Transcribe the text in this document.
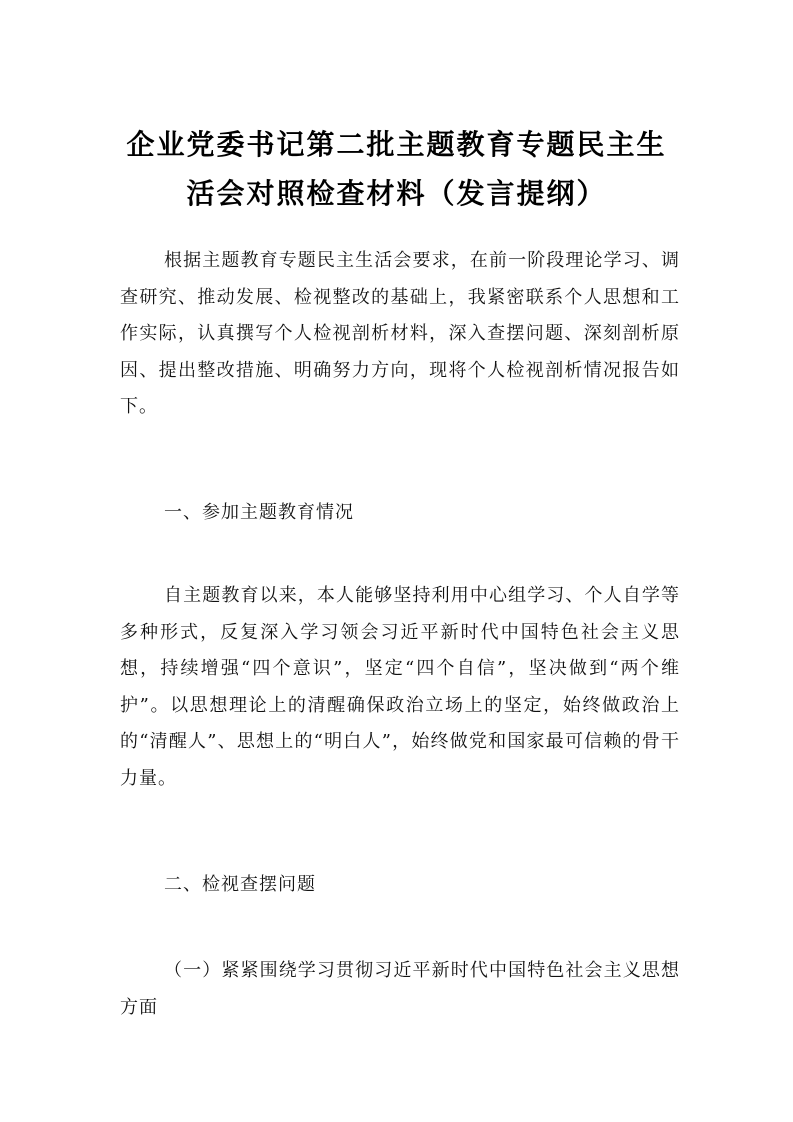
企业党委书记第二批主题教育专题民主生
活会对照检查材料（发言提纲）

根据主题教育专题民主生活会要求，在前一阶段理论学习、调查研究、推动发展、检视整改的基础上，我紧密联系个人思想和工作实际，认真撰写个人检视剖析材料，深入查摆问题、深刻剖析原因、提出整改措施、明确努力方向，现将个人检视剖析情况报告如下。

一、参加主题教育情况

自主题教育以来，本人能够坚持利用中心组学习、个人自学等多种形式，反复深入学习领会习近平新时代中国特色社会主义思想，持续增强“四个意识”，坚定“四个自信”，坚决做到“两个维护”。以思想理论上的清醒确保政治立场上的坚定，始终做政治上的“清醒人”、思想上的“明白人”，始终做党和国家最可信赖的骨干力量。

二、检视查摆问题

（一）紧紧围绕学习贯彻习近平新时代中国特色社会主义思想方面
